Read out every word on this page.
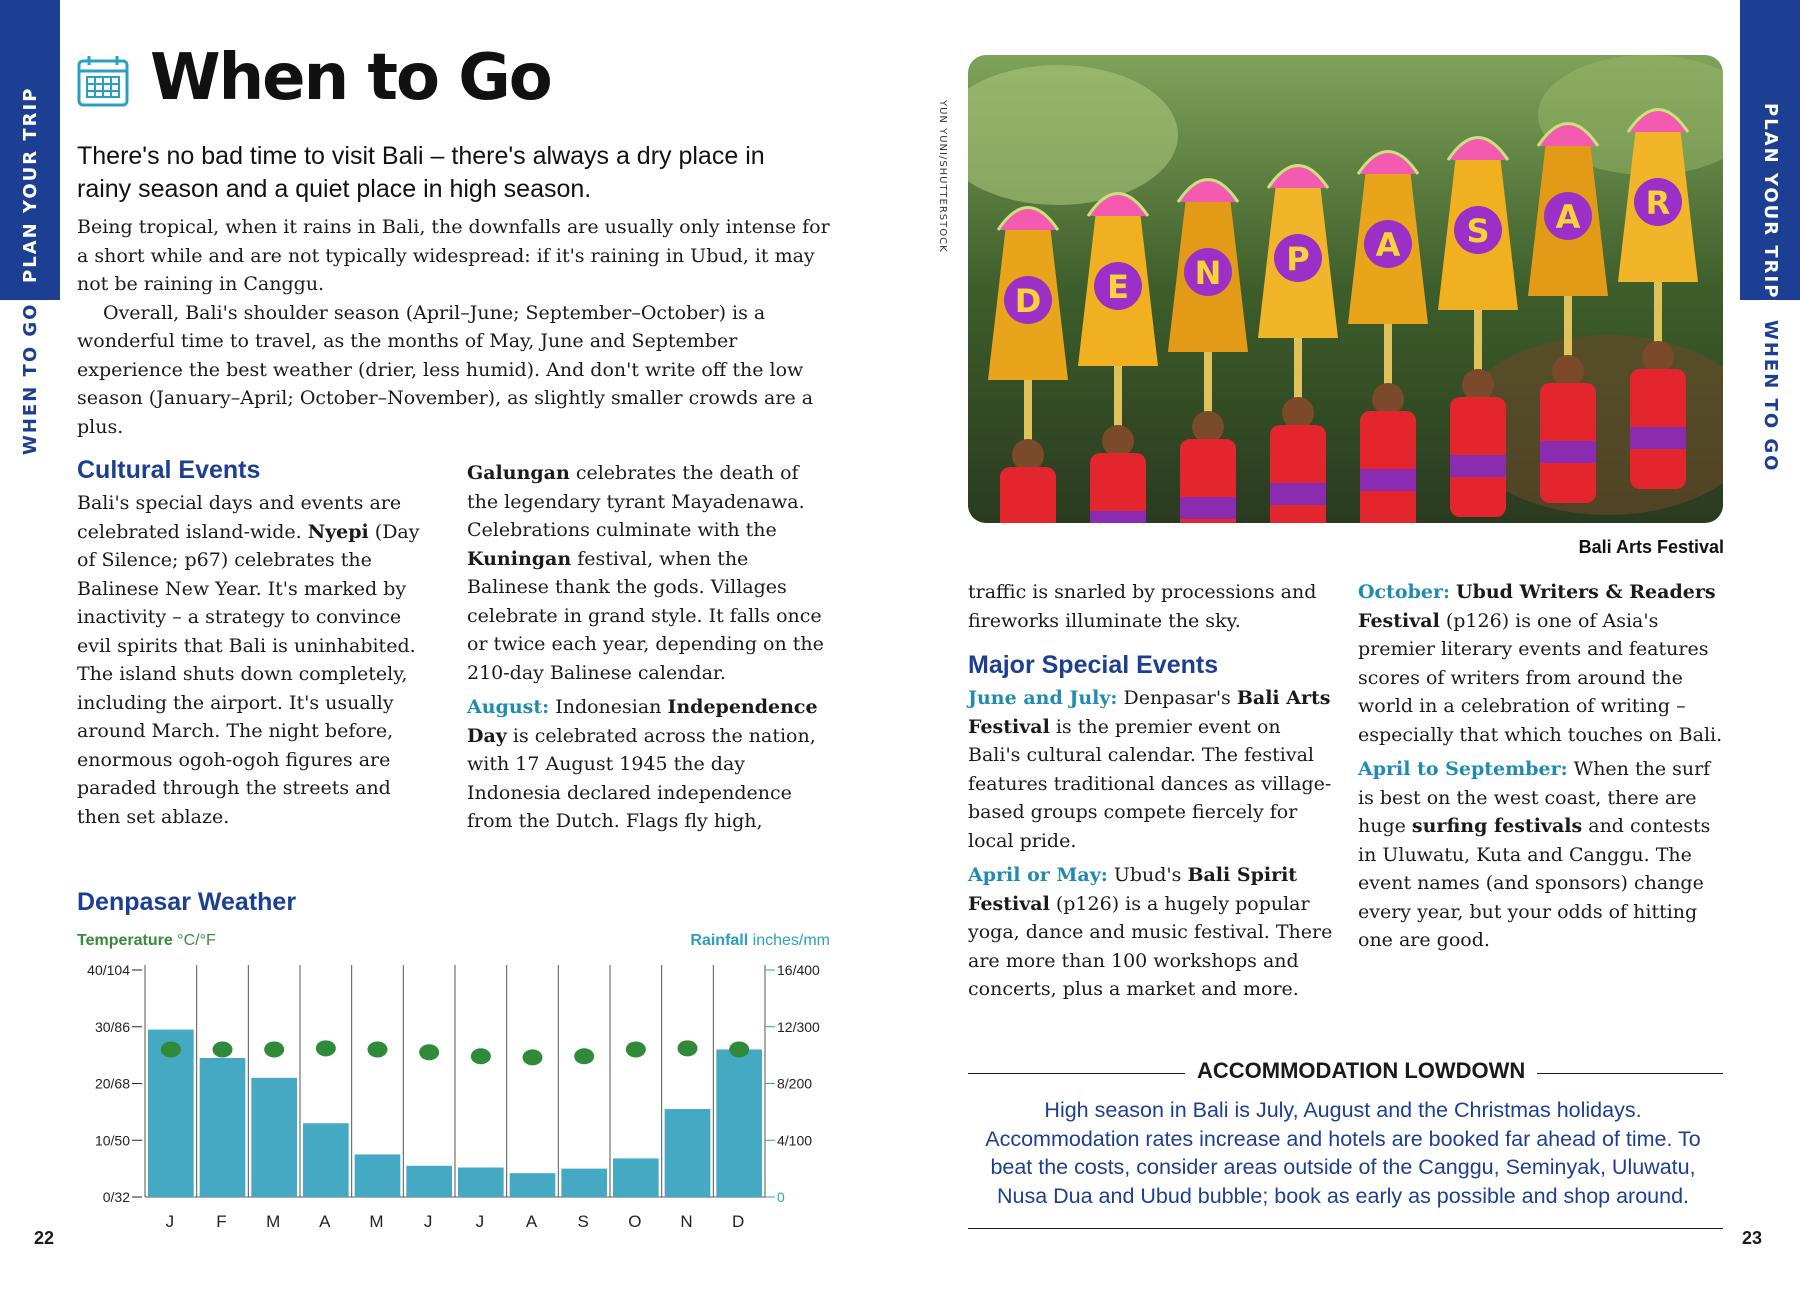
PLAN YOUR TRIP
WHEN TO GO
PLAN YOUR TRIP
WHEN TO GO
When to Go

There's no bad time to visit Bali – there's always a dry place in rainy season and a quiet place in high season.

Being tropical, when it rains in Bali, the downfalls are usually only intense for a short while and are not typically widespread: if it's raining in Ubud, it may not be raining in Canggu.

Overall, Bali's shoulder season (April–June; September–October) is a wonderful time to travel, as the months of May, June and September experience the best weather (drier, less humid). And don't write off the low season (January–April; October–November), as slightly smaller crowds are a plus.

Cultural Events

Bali's special days and events are celebrated island-wide. Nyepi (Day of Silence; p67) celebrates the Balinese New Year. It's marked by inactivity – a strategy to convince evil spirits that Bali is uninhabited. The island shuts down completely, including the airport. It's usually around March. The night before, enormous ogoh-ogoh figures are paraded through the streets and then set ablaze.

Galungan celebrates the death of the legendary tyrant Mayadenawa. Celebrations culminate with the Kuningan festival, when the Balinese thank the gods. Villages celebrate in grand style. It falls once or twice each year, depending on the 210-day Balinese calendar.

August: Indonesian Independence Day is celebrated across the nation, with 17 August 1945 the day Indonesia declared independence from the Dutch. Flags fly high,

Denpasar Weather
Temperature °C/°F	Rainfall inches/mm
40/104
30/86
20/68
10/50
0/32
16/400
12/300
8/200
4/100
0
J F M A M J J A S O N D
YUN YUNI/SHUTTERSTOCK
D E N P A S A R
Bali Arts Festival

traffic is snarled by processions and fireworks illuminate the sky.

Major Special Events

June and July: Denpasar's Bali Arts Festival is the premier event on Bali's cultural calendar. The festival features traditional dances as village-based groups compete fiercely for local pride.

April or May: Ubud's Bali Spirit Festival (p126) is a hugely popular yoga, dance and music festival. There are more than 100 workshops and concerts, plus a market and more.

October: Ubud Writers & Readers Festival (p126) is one of Asia's premier literary events and features scores of writers from around the world in a celebration of writing – especially that which touches on Bali.

April to September: When the surf is best on the west coast, there are huge surfing festivals and contests in Uluwatu, Kuta and Canggu. The event names (and sponsors) change every year, but your odds of hitting one are good.

ACCOMMODATION LOWDOWN

High season in Bali is July, August and the Christmas holidays. Accommodation rates increase and hotels are booked far ahead of time. To beat the costs, consider areas outside of the Canggu, Seminyak, Uluwatu, Nusa Dua and Ubud bubble; book as early as possible and shop around.

22	23
